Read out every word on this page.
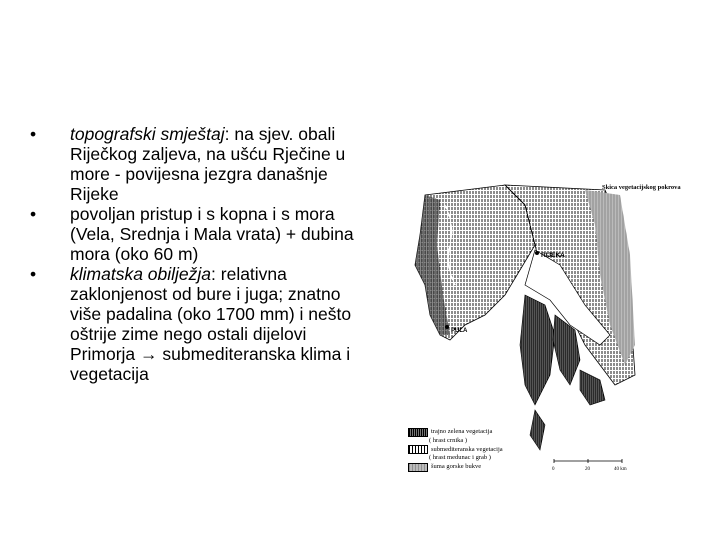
•	topografski smještaj: na sjev. obali Riječkog zaljeva, na ušću Rječine u more - povijesna jezgra današnje Rijeke
•	povoljan pristup i s kopna i s mora (Vela, Srednja i Mala vrata) + dubina mora (oko 60 m)
•	klimatska obilježja: relativna zaklonjenost od bure i juga; znatno više padalina (oko 1700 mm) i nešto oštrije zime nego ostali dijelovi Primorja → submediteranska klima i vegetacija
RIJEKA
PULA
Skica vegetacijskog pokrova
trajno zelena vegetacija
( hrast crnika )
submediteranska vegetacija
( hrast medunac i grab )
šuma gorske bukve	0	20	40 km
